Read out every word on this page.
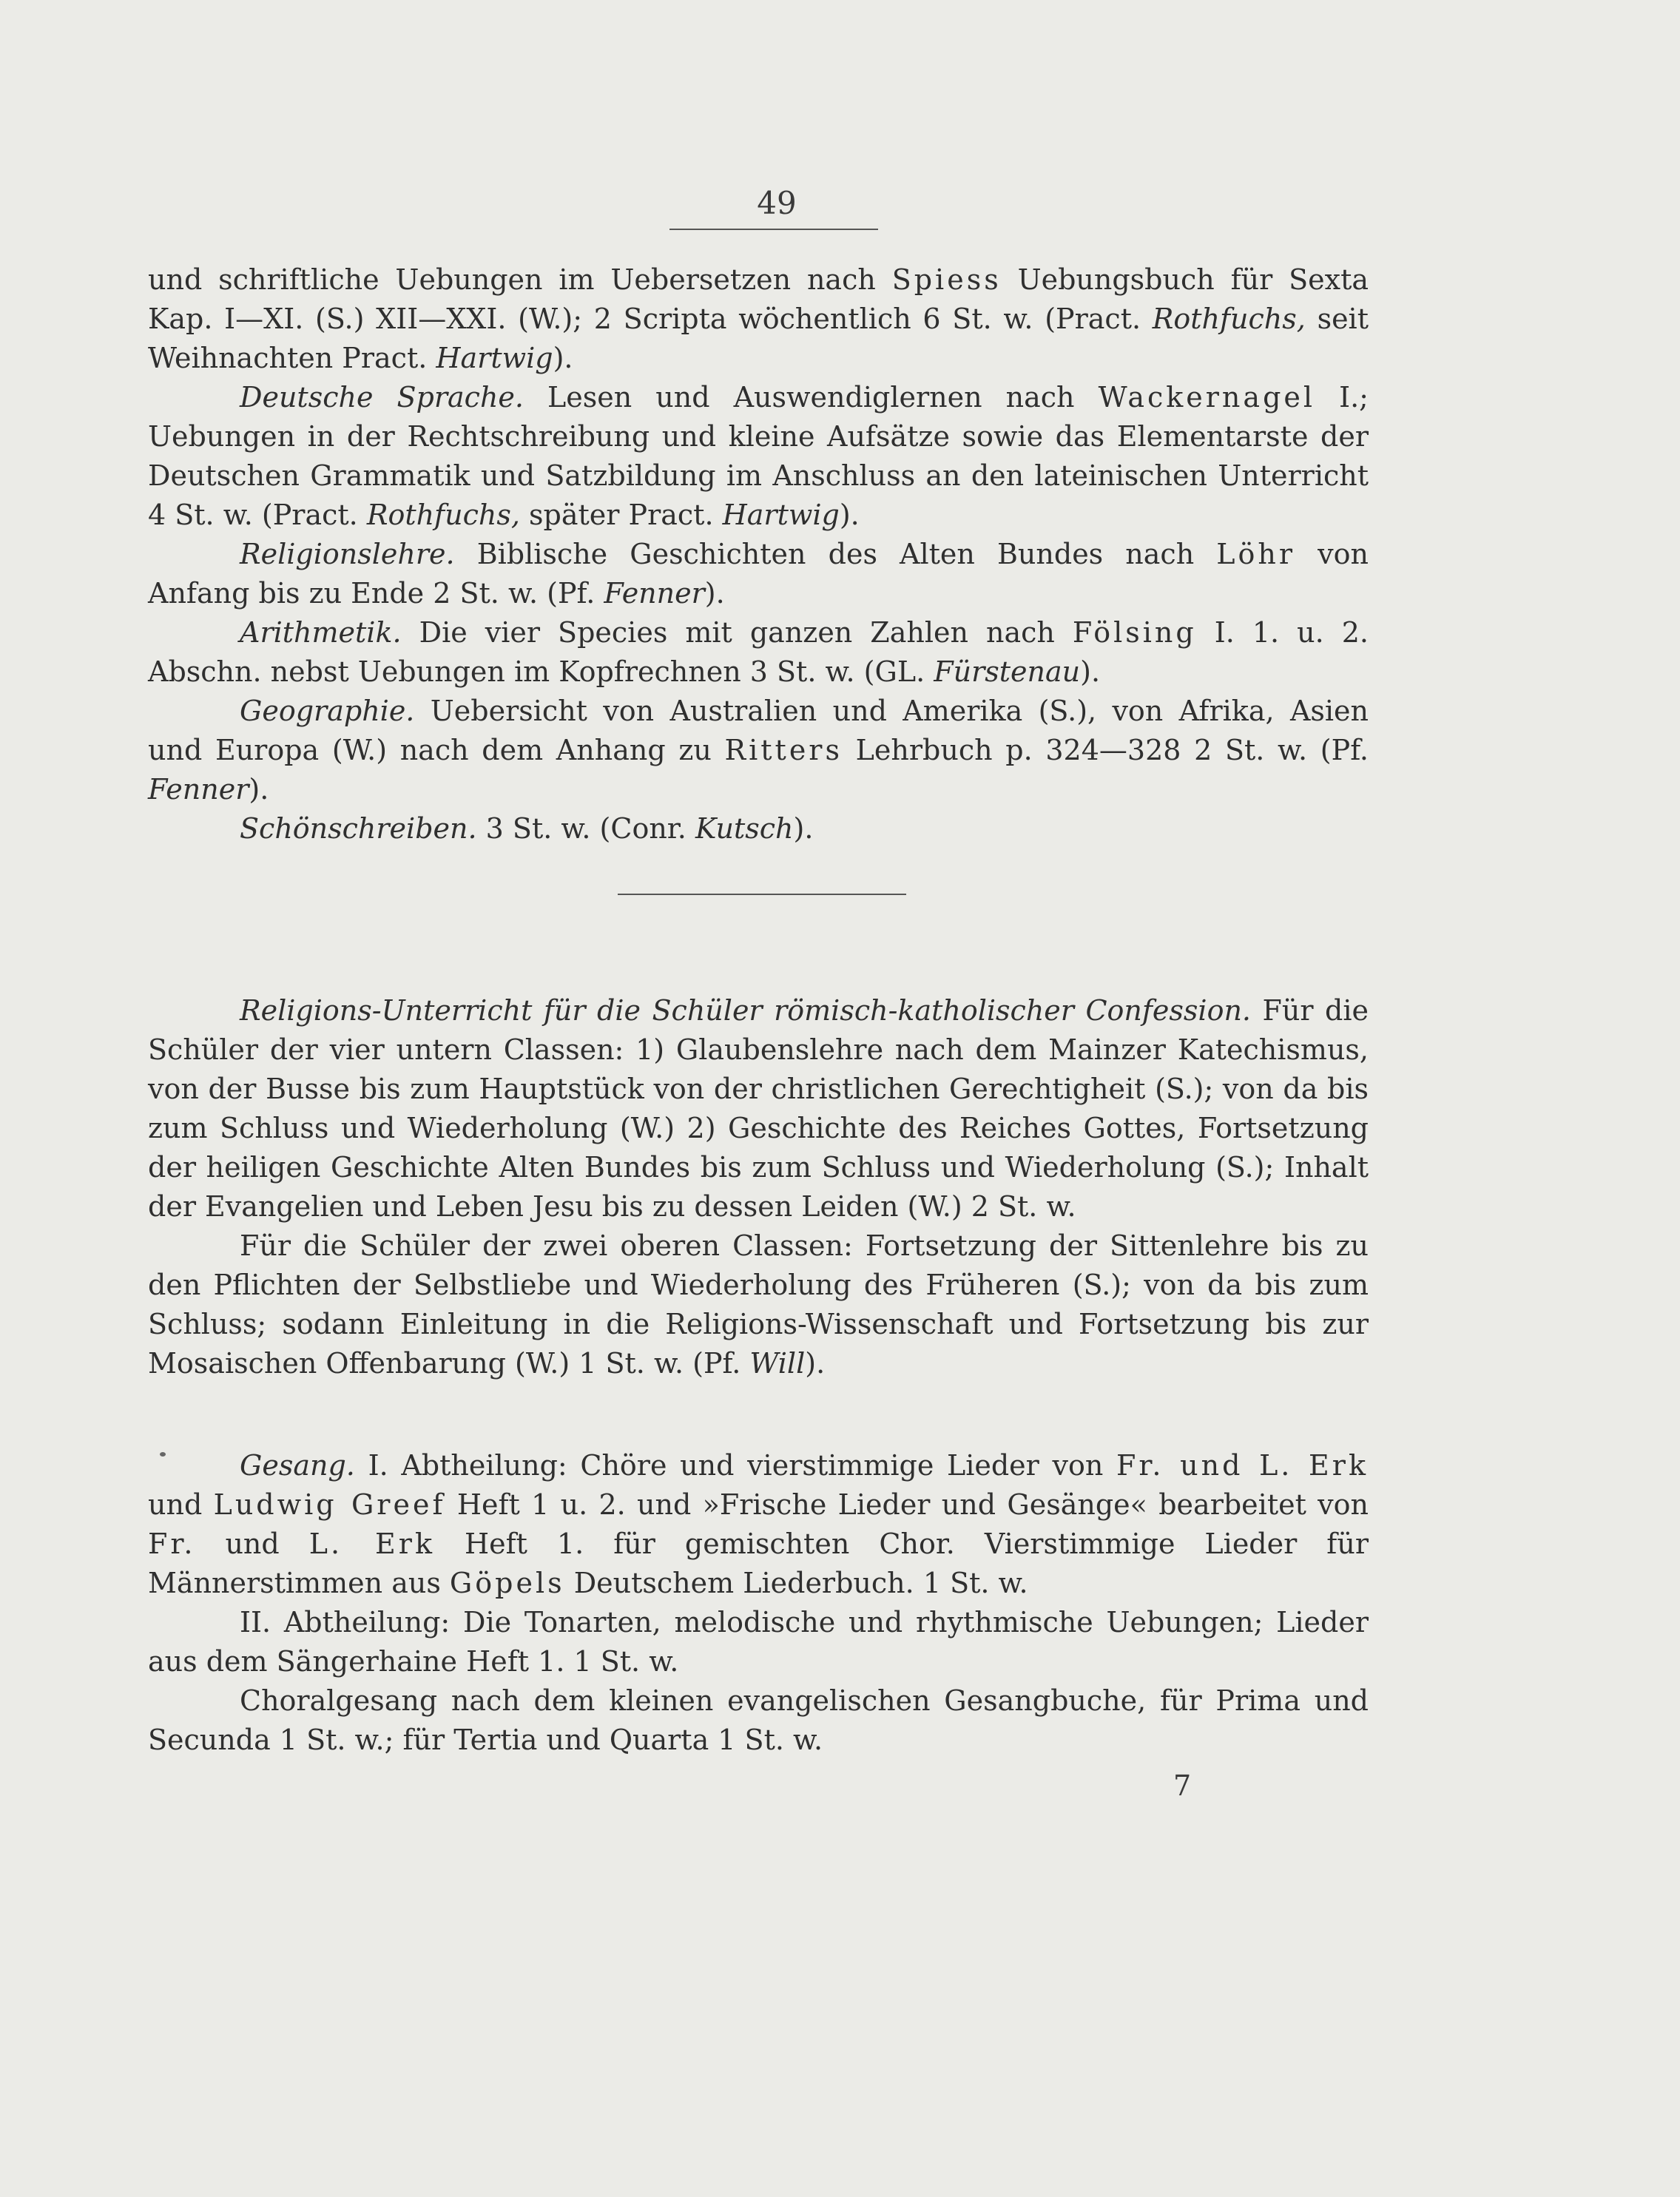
49

und schriftliche Uebungen im Uebersetzen nach Spiess Uebungsbuch für Sexta Kap. I—XI. (S.) XII—XXI. (W.); 2 Scripta wöchentlich 6 St. w. (Pract. Rothfuchs, seit Weihnachten Pract. Hartwig).

Deutsche Sprache. Lesen und Auswendiglernen nach Wackernagel I.; Uebungen in der Rechtschreibung und kleine Aufsätze sowie das Elementarste der Deutschen Grammatik und Satzbildung im Anschluss an den lateinischen Unterricht 4 St. w. (Pract. Rothfuchs, später Pract. Hartwig).

Religionslehre. Biblische Geschichten des Alten Bundes nach Löhr von Anfang bis zu Ende 2 St. w. (Pf. Fenner).

Arithmetik. Die vier Species mit ganzen Zahlen nach Fölsing I. 1. u. 2. Abschn. nebst Uebungen im Kopfrechnen 3 St. w. (GL. Fürstenau).

Geographie. Uebersicht von Australien und Amerika (S.), von Afrika, Asien und Europa (W.) nach dem Anhang zu Ritters Lehrbuch p. 324—328 2 St. w. (Pf. Fenner).

Schönschreiben. 3 St. w. (Conr. Kutsch).

Religions-Unterricht für die Schüler römisch-katholischer Confession. Für die Schüler der vier untern Classen: 1) Glaubenslehre nach dem Mainzer Katechismus, von der Busse bis zum Hauptstück von der christlichen Gerechtigheit (S.); von da bis zum Schluss und Wiederholung (W.) 2) Geschichte des Reiches Gottes, Fortsetzung der heiligen Geschichte Alten Bundes bis zum Schluss und Wiederholung (S.); Inhalt der Evangelien und Leben Jesu bis zu dessen Leiden (W.) 2 St. w.

Für die Schüler der zwei oberen Classen: Fortsetzung der Sittenlehre bis zu den Pflichten der Selbstliebe und Wiederholung des Früheren (S.); von da bis zum Schluss; sodann Einleitung in die Religions-Wissenschaft und Fortsetzung bis zur Mosaischen Offenbarung (W.) 1 St. w. (Pf. Will).

Gesang. I. Abtheilung: Chöre und vierstimmige Lieder von Fr. und L. Erk und Ludwig Greef Heft 1 u. 2. und »Frische Lieder und Gesänge« bearbeitet von Fr. und L. Erk Heft 1. für gemischten Chor. Vierstimmige Lieder für Männerstimmen aus Göpels Deutschem Liederbuch. 1 St. w.

II. Abtheilung: Die Tonarten, melodische und rhythmische Uebungen; Lieder aus dem Sängerhaine Heft 1. 1 St. w.

Choralgesang nach dem kleinen evangelischen Gesangbuche, für Prima und Secunda 1 St. w.; für Tertia und Quarta 1 St. w.

7
